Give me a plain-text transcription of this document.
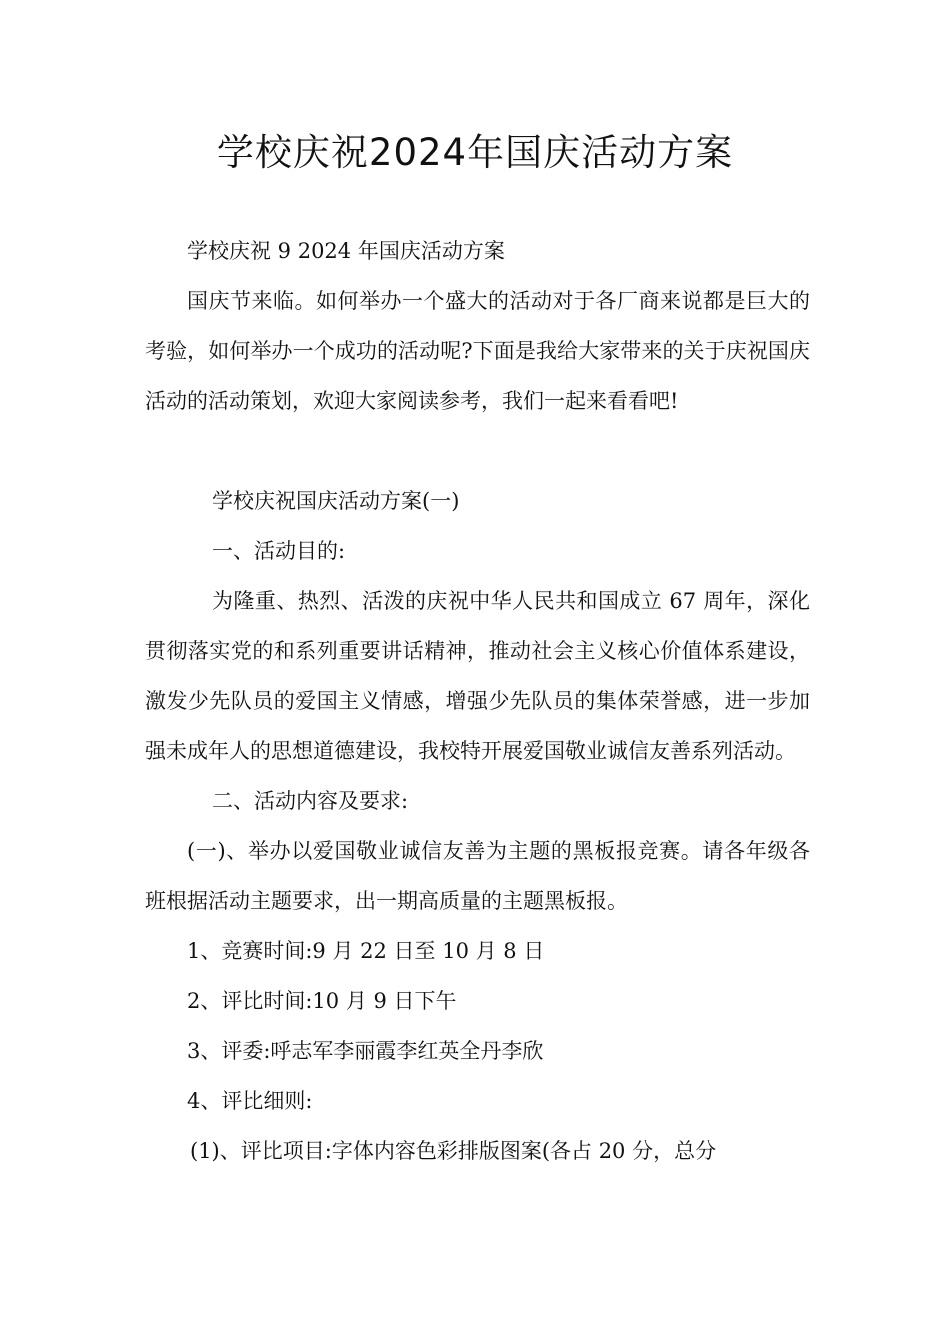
学校庆祝2024年国庆活动方案

学校庆祝 9 2024 年国庆活动方案

国庆节来临。如何举办一个盛大的活动对于各厂商来说都是巨大的考验，如何举办一个成功的活动呢?下面是我给大家带来的关于庆祝国庆活动的活动策划，欢迎大家阅读参考，我们一起来看看吧!

学校庆祝国庆活动方案(一)

一、活动目的:

为隆重、热烈、活泼的庆祝中华人民共和国成立 67 周年，深化贯彻落实党的和系列重要讲话精神，推动社会主义核心价值体系建设，激发少先队员的爱国主义情感，增强少先队员的集体荣誉感，进一步加强未成年人的思想道德建设，我校特开展爱国敬业诚信友善系列活动。

二、活动内容及要求:

(一)、举办以爱国敬业诚信友善为主题的黑板报竞赛。请各年级各班根据活动主题要求，出一期高质量的主题黑板报。

1、竞赛时间:9 月 22 日至 10 月 8 日

2、评比时间:10 月 9 日下午

3、评委:呼志军李丽霞李红英全丹李欣

4、评比细则:

(1)、评比项目:字体内容色彩排版图案(各占 20 分，总分
